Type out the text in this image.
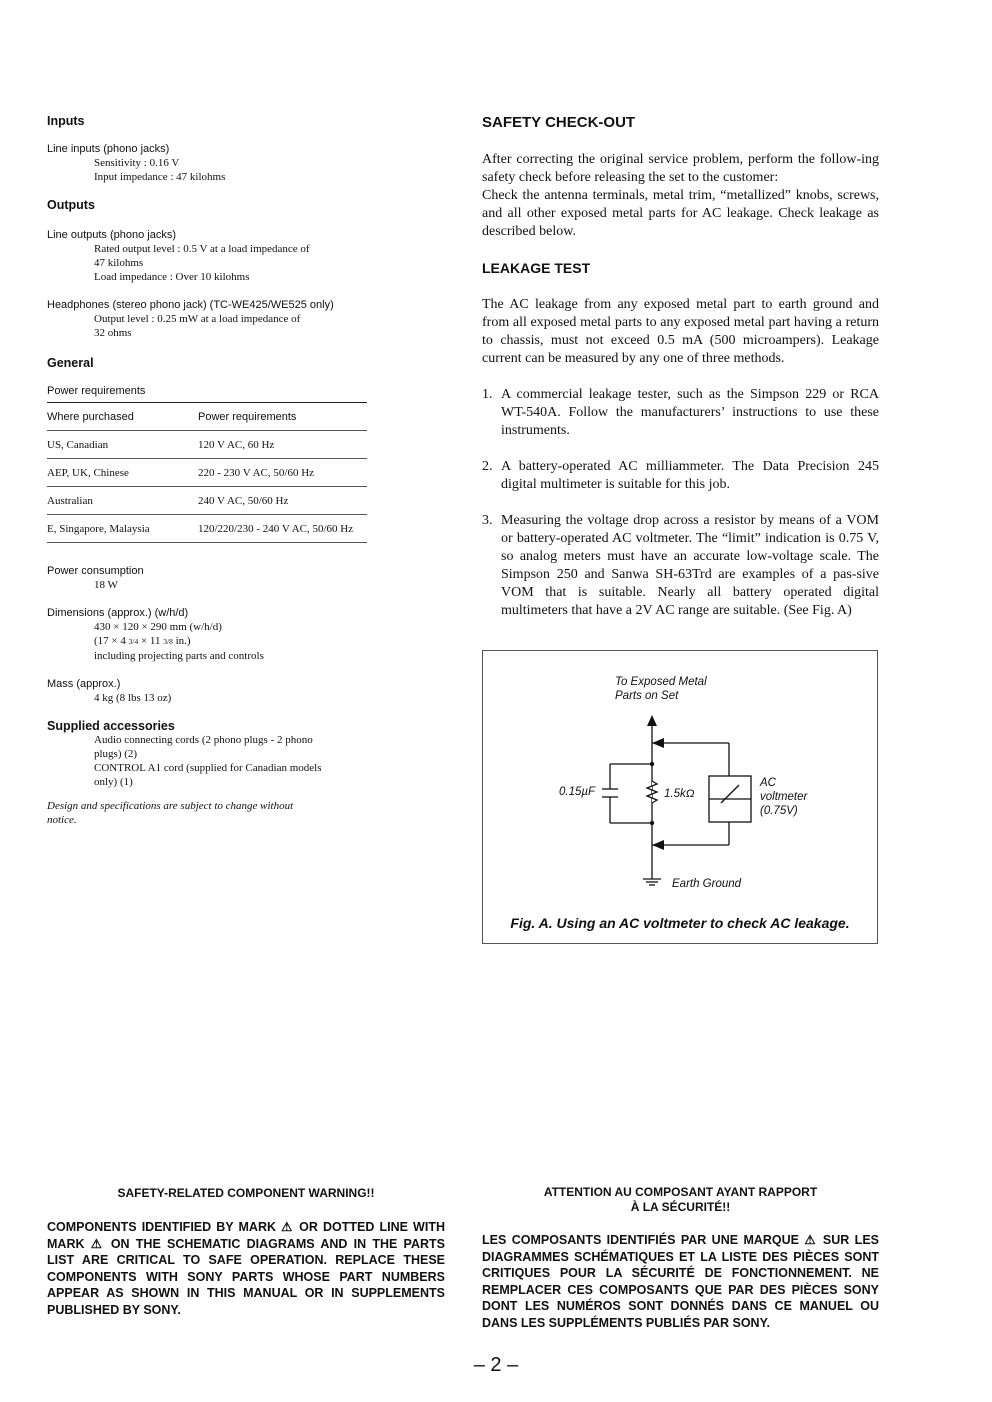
Inputs
Line inputs (phono jacks)
Sensitivity : 0.16 V
Input impedance : 47 kilohms
Outputs
Line outputs (phono jacks)
Rated output level : 0.5 V at a load impedance of
47 kilohms
Load impedance : Over 10 kilohms
Headphones (stereo phono jack) (TC-WE425/WE525 only)
Output level : 0.25 mW at a load impedance of
32 ohms
General
Power requirements
Where purchased	Power requirements
US, Canadian	120 V AC, 60 Hz
AEP, UK, Chinese	220 - 230 V AC, 50/60 Hz
Australian	240 V AC, 50/60 Hz
E, Singapore, Malaysia	120/220/230 - 240 V AC, 50/60 Hz
Power consumption
18 W
Dimensions (approx.) (w/h/d)
430 × 120 × 290 mm (w/h/d)
(17 × 4 3/4 × 11 3/8 in.)
including projecting parts and controls
Mass (approx.)
4 kg (8 lbs 13 oz)
Supplied accessories
Audio connecting cords (2 phono plugs - 2 phono
plugs) (2)
CONTROL A1 cord (supplied for Canadian models
only) (1)
Design and specifications are subject to change without
notice.
SAFETY CHECK-OUT

After correcting the original service problem, perform the follow-ing safety check before releasing the set to the customer:

Check the antenna terminals, metal trim, “metallized” knobs, screws, and all other exposed metal parts for AC leakage. Check leakage as described below.

LEAKAGE TEST

The AC leakage from any exposed metal part to earth ground and from all exposed metal parts to any exposed metal part having a return to chassis, must not exceed 0.5 mA (500 microampers). Leakage current can be measured by any one of three methods.

1. A commercial leakage tester, such as the Simpson 229 or RCA WT-540A. Follow the manufacturers’ instructions to use these instruments.
2. A battery-operated AC milliammeter. The Data Precision 245 digital multimeter is suitable for this job.
3. Measuring the voltage drop across a resistor by means of a VOM or battery-operated AC voltmeter. The “limit” indication is 0.75 V, so analog meters must have an accurate low-voltage scale. The Simpson 250 and Sanwa SH-63Trd are examples of a pas-sive VOM that is suitable. Nearly all battery operated digital multimeters that have a 2V AC range are suitable. (See Fig. A)
To Exposed Metal
Parts on Set
0.15µF	1.5kΩ
AC
voltmeter
(0.75V)
Earth Ground
Fig. A. Using an AC voltmeter to check AC leakage.
SAFETY-RELATED COMPONENT WARNING!!
COMPONENTS IDENTIFIED BY MARK ⚠ OR DOTTED LINE WITH MARK ⚠ ON THE SCHEMATIC DIAGRAMS AND IN THE PARTS LIST ARE CRITICAL TO SAFE OPERATION. REPLACE THESE COMPONENTS WITH SONY PARTS WHOSE PART NUMBERS APPEAR AS SHOWN IN THIS MANUAL OR IN SUPPLEMENTS PUBLISHED BY SONY.
ATTENTION AU COMPOSANT AYANT RAPPORT
À LA SÉCURITÉ!!
LES COMPOSANTS IDENTIFIÉS PAR UNE MARQUE ⚠ SUR LES DIAGRAMMES SCHÉMATIQUES ET LA LISTE DES PIÈCES SONT CRITIQUES POUR LA SÉCURITÉ DE FONCTIONNEMENT. NE REMPLACER CES COMPOSANTS QUE PAR DES PIÈCES SONY DONT LES NUMÉROS SONT DONNÉS DANS CE MANUEL OU DANS LES SUPPLÉMENTS PUBLIÉS PAR SONY.
– 2 –
